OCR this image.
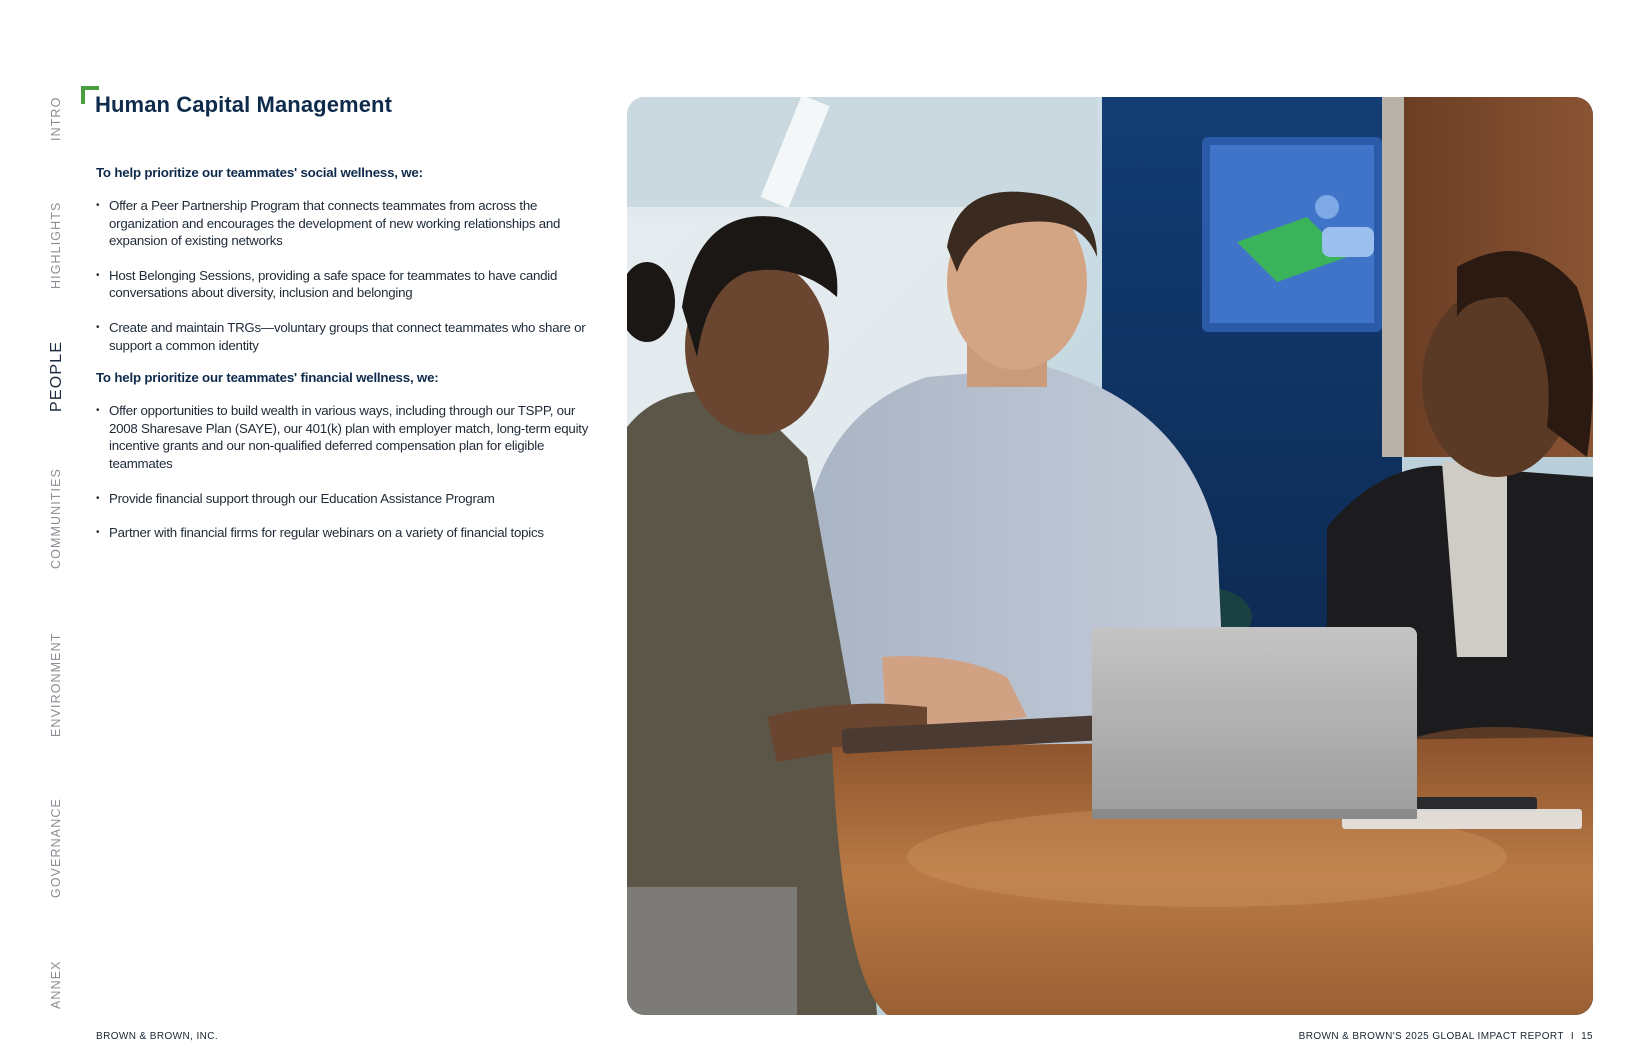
INTRO
HIGHLIGHTS
PEOPLE
COMMUNITIES
ENVIRONMENT
GOVERNANCE
ANNEX
Human Capital Management

To help prioritize our teammates' social wellness, we:

• Offer a Peer Partnership Program that connects teammates from across the organization and encourages the development of new working relationships and expansion of existing networks
• Host Belonging Sessions, providing a safe space for teammates to have candid conversations about diversity, inclusion and belonging
• Create and maintain TRGs—voluntary groups that connect teammates who share or support a common identity

To help prioritize our teammates' financial wellness, we:

• Offer opportunities to build wealth in various ways, including through our TSPP, our 2008 Sharesave Plan (SAYE), our 401(k) plan with employer match, long-term equity incentive grants and our non-qualified deferred compensation plan for eligible teammates
• Provide financial support through our Education Assistance Program
• Partner with financial firms for regular webinars on a variety of financial topics
BROWN & BROWN, INC.	BROWN & BROWN'S 2025 GLOBAL IMPACT REPORT I 15
